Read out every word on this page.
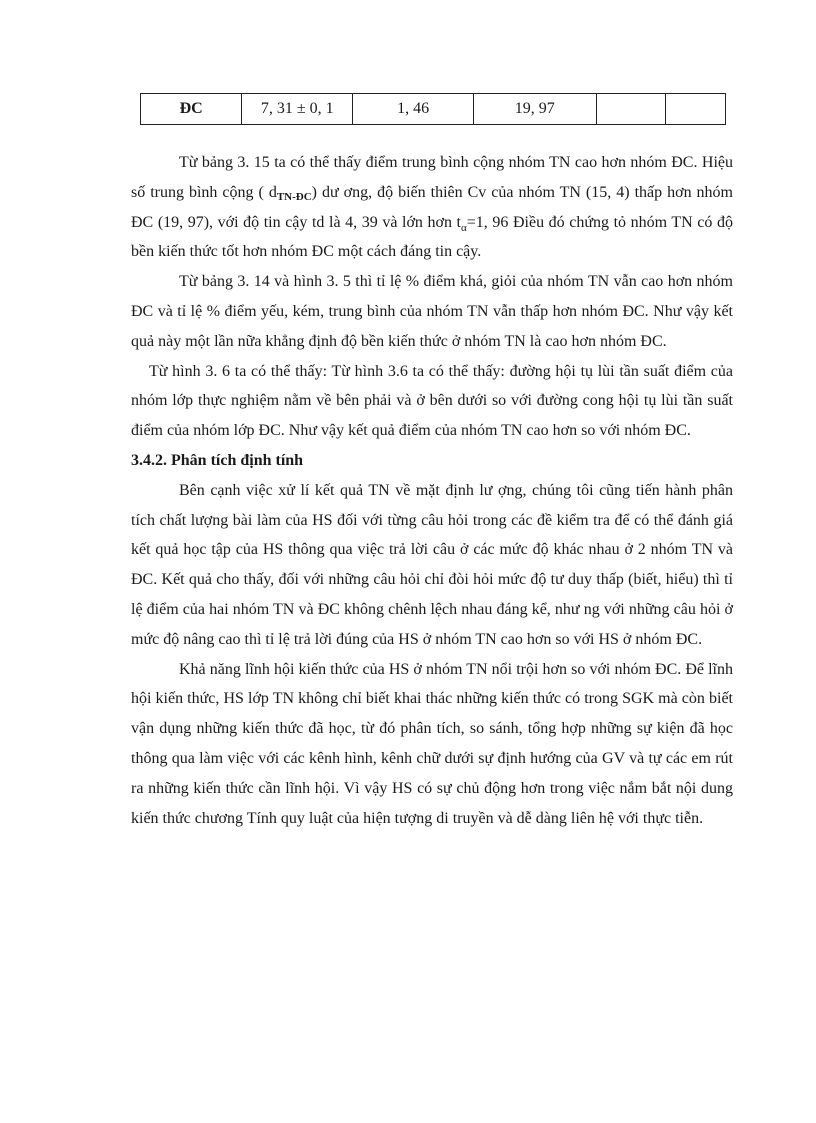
ĐC	7, 31 ± 0, 1	1, 46	19, 97		

Từ bảng 3. 15 ta có thể thấy điểm trung bình cộng nhóm TN cao hơn nhóm ĐC. Hiệu số trung bình cộng ( dTN-ĐC) dư ơng, độ biến thiên Cv của nhóm TN (15, 4) thấp hơn nhóm ĐC (19, 97), với độ tin cậy td là 4, 39 và lớn hơn $t_\alpha=1$, 96 Điều đó chứng tỏ nhóm TN có độ bền kiến thức tốt hơn nhóm ĐC một cách đáng tin cậy.

Từ bảng 3. 14 và hình 3. 5 thì tỉ lệ % điểm khá, giỏi của nhóm TN vẫn cao hơn nhóm ĐC và tỉ lệ % điểm yếu, kém, trung bình của nhóm TN vẫn thấp hơn nhóm ĐC. Như vậy kết quả này một lần nữa khẳng định độ bền kiến thức ở nhóm TN là cao hơn nhóm ĐC.

Từ hình 3. 6 ta có thể thấy: Từ hình 3.6 ta có thể thấy: đường hội tụ lùi tần suất điểm của nhóm lớp thực nghiệm nằm về bên phải và ở bên dưới so với đường cong hội tụ lùi tần suất điểm của nhóm lớp ĐC. Như vậy kết quả điểm của nhóm TN cao hơn so với nhóm ĐC.

3.4.2. Phân tích định tính

Bên cạnh việc xử lí kết quả TN về mặt định lư ợng, chúng tôi cũng tiến hành phân tích chất lượng bài làm của HS đối với từng câu hỏi trong các đề kiểm tra để có thể đánh giá kết quả học tập của HS thông qua việc trả lời câu ở các mức độ khác nhau ở 2 nhóm TN và ĐC. Kết quả cho thấy, đối với những câu hỏi chỉ đòi hỏi mức độ tư duy thấp (biết, hiểu) thì tỉ lệ điểm của hai nhóm TN và ĐC không chênh lệch nhau đáng kể, như ng với những câu hỏi ở mức độ nâng cao thì tỉ lệ trả lời đúng của HS ở nhóm TN cao hơn so với HS ở nhóm ĐC.

Khả năng lĩnh hội kiến thức của HS ở nhóm TN nổi trội hơn so với nhóm ĐC. Để lĩnh hội kiến thức, HS lớp TN không chỉ biết khai thác những kiến thức có trong SGK mà còn biết vận dụng những kiến thức đã học, từ đó phân tích, so sánh, tổng hợp những sự kiện đã học thông qua làm việc với các kênh hình, kênh chữ dưới sự định hướng của GV và tự các em rút ra những kiến thức cần lĩnh hội. Vì vậy HS có sự chủ động hơn trong việc nắm bắt nội dung kiến thức chương Tính quy luật của hiện tượng di truyền và dễ dàng liên hệ với thực tiễn.
